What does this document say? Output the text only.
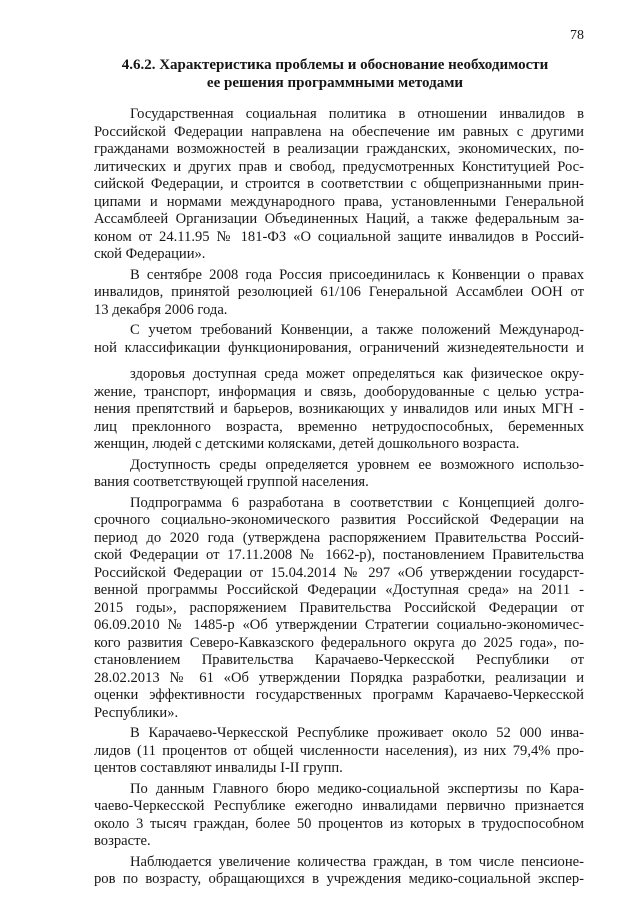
78
4.6.2. Характеристика проблемы и обоснование необходимости
ее решения программными методами
Государственная социальная политика в отношении инвалидов в
Российской Федерации направлена на обеспечение им равных с другими
гражданами возможностей в реализации гражданских, экономических, по-
литических и других прав и свобод, предусмотренных Конституцией Рос-
сийской Федерации, и строится в соответствии с общепризнанными прин-
ципами и нормами международного права, установленными Генеральной
Ассамблеей Организации Объединенных Наций, а также федеральным за-
коном от 24.11.95 № 181-ФЗ «О социальной защите инвалидов в Россий-
ской Федерации».
В сентябре 2008 года Россия присоединилась к Конвенции о правах
инвалидов, принятой резолюцией 61/106 Генеральной Ассамблеи ООН от
13 декабря 2006 года.
С учетом требований Конвенции, а также положений Международ-
ной классификации функционирования, ограничений жизнедеятельности и
здоровья доступная среда может определяться как физическое окру-
жение, транспорт, информация и связь, дооборудованные с целью устра-
нения препятствий и барьеров, возникающих у инвалидов или иных МГН -
лиц преклонного возраста, временно нетрудоспособных, беременных
женщин, людей с детскими колясками, детей дошкольного возраста.
Доступность среды определяется уровнем ее возможного использо-
вания соответствующей группой населения.
Подпрограмма 6 разработана в соответствии с Концепцией долго-
срочного социально-экономического развития Российской Федерации на
период до 2020 года (утверждена распоряжением Правительства Россий-
ской Федерации от 17.11.2008 № 1662-р), постановлением Правительства
Российской Федерации от 15.04.2014 № 297 «Об утверждении государст-
венной программы Российской Федерации «Доступная среда» на 2011 -
2015 годы», распоряжением Правительства Российской Федерации от
06.09.2010 № 1485-р «Об утверждении Стратегии социально-экономичес-
кого развития Северо-Кавказского федерального округа до 2025 года», по-
становлением Правительства Карачаево-Черкесской Республики от
28.02.2013 № 61 «Об утверждении Порядка разработки, реализации и
оценки эффективности государственных программ Карачаево-Черкесской
Республики».
В Карачаево-Черкесской Республике проживает около 52 000 инва-
лидов (11 процентов от общей численности населения), из них 79,4% про-
центов составляют инвалиды I-II групп.
По данным Главного бюро медико-социальной экспертизы по Кара-
чаево-Черкесской Республике ежегодно инвалидами первично признается
около 3 тысяч граждан, более 50 процентов из которых в трудоспособном
возрасте.
Наблюдается увеличение количества граждан, в том числе пенсионе-
ров по возрасту, обращающихся в учреждения медико-социальной экспер-
